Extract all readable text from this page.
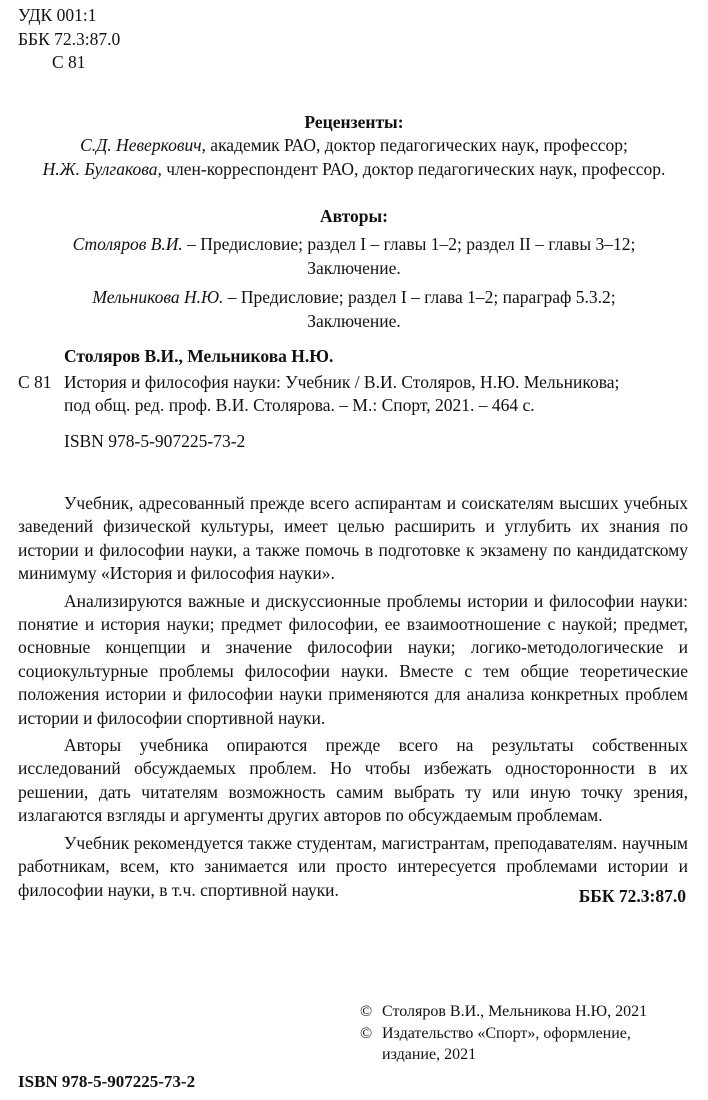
УДК 001:1
ББК 72.3:87.0
С 81
Рецензенты:
С.Д. Неверкович, академик РАО, доктор педагогических наук, профессор;
Н.Ж. Булгакова, член-корреспондент РАО, доктор педагогических наук, профессор.
Авторы:
Столяров В.И. – Предисловие; раздел I – главы 1–2; раздел II – главы 3–12;
Заключение.
Мельникова Н.Ю. – Предисловие; раздел I – глава 1–2; параграф 5.3.2;
Заключение.
Столяров В.И., Мельникова Н.Ю.
С 81 История и философия науки: Учебник / В.И. Столяров, Н.Ю. Мельникова;
под общ. ред. проф. В.И. Столярова. – М.: Спорт, 2021. – 464 с.
ISBN 978-5-907225-73-2

Учебник, адресованный прежде всего аспирантам и соискателям высших учебных заведений физической культуры, имеет целью расширить и углубить их знания по истории и философии науки, а также помочь в подготовке к экзамену по кандидатскому минимуму «История и философия науки».

Анализируются важные и дискуссионные проблемы истории и философии науки: понятие и история науки; предмет философии, ее взаимоотношение с наукой; предмет, основные концепции и значение философии науки; логико-методологические и социокультурные проблемы философии науки. Вместе с тем общие теоретические положения истории и философии науки применяются для анализа конкретных проблем истории и философии спортивной науки.

Авторы учебника опираются прежде всего на результаты собственных исследований обсуждаемых проблем. Но чтобы избежать односторонности в их решении, дать читателям возможность самим выбрать ту или иную точку зрения, излагаются взгляды и аргументы других авторов по обсуждаемым проблемам.

Учебник рекомендуется также студентам, магистрантам, преподавателям. научным работникам, всем, кто занимается или просто интересуется проблемами истории и философии науки, в т.ч. спортивной науки.	ББК 72.3:87.0
© Столяров В.И., Мельникова Н.Ю, 2021
© Издательство «Спорт», оформление,
издание, 2021
ISBN 978-5-907225-73-2
